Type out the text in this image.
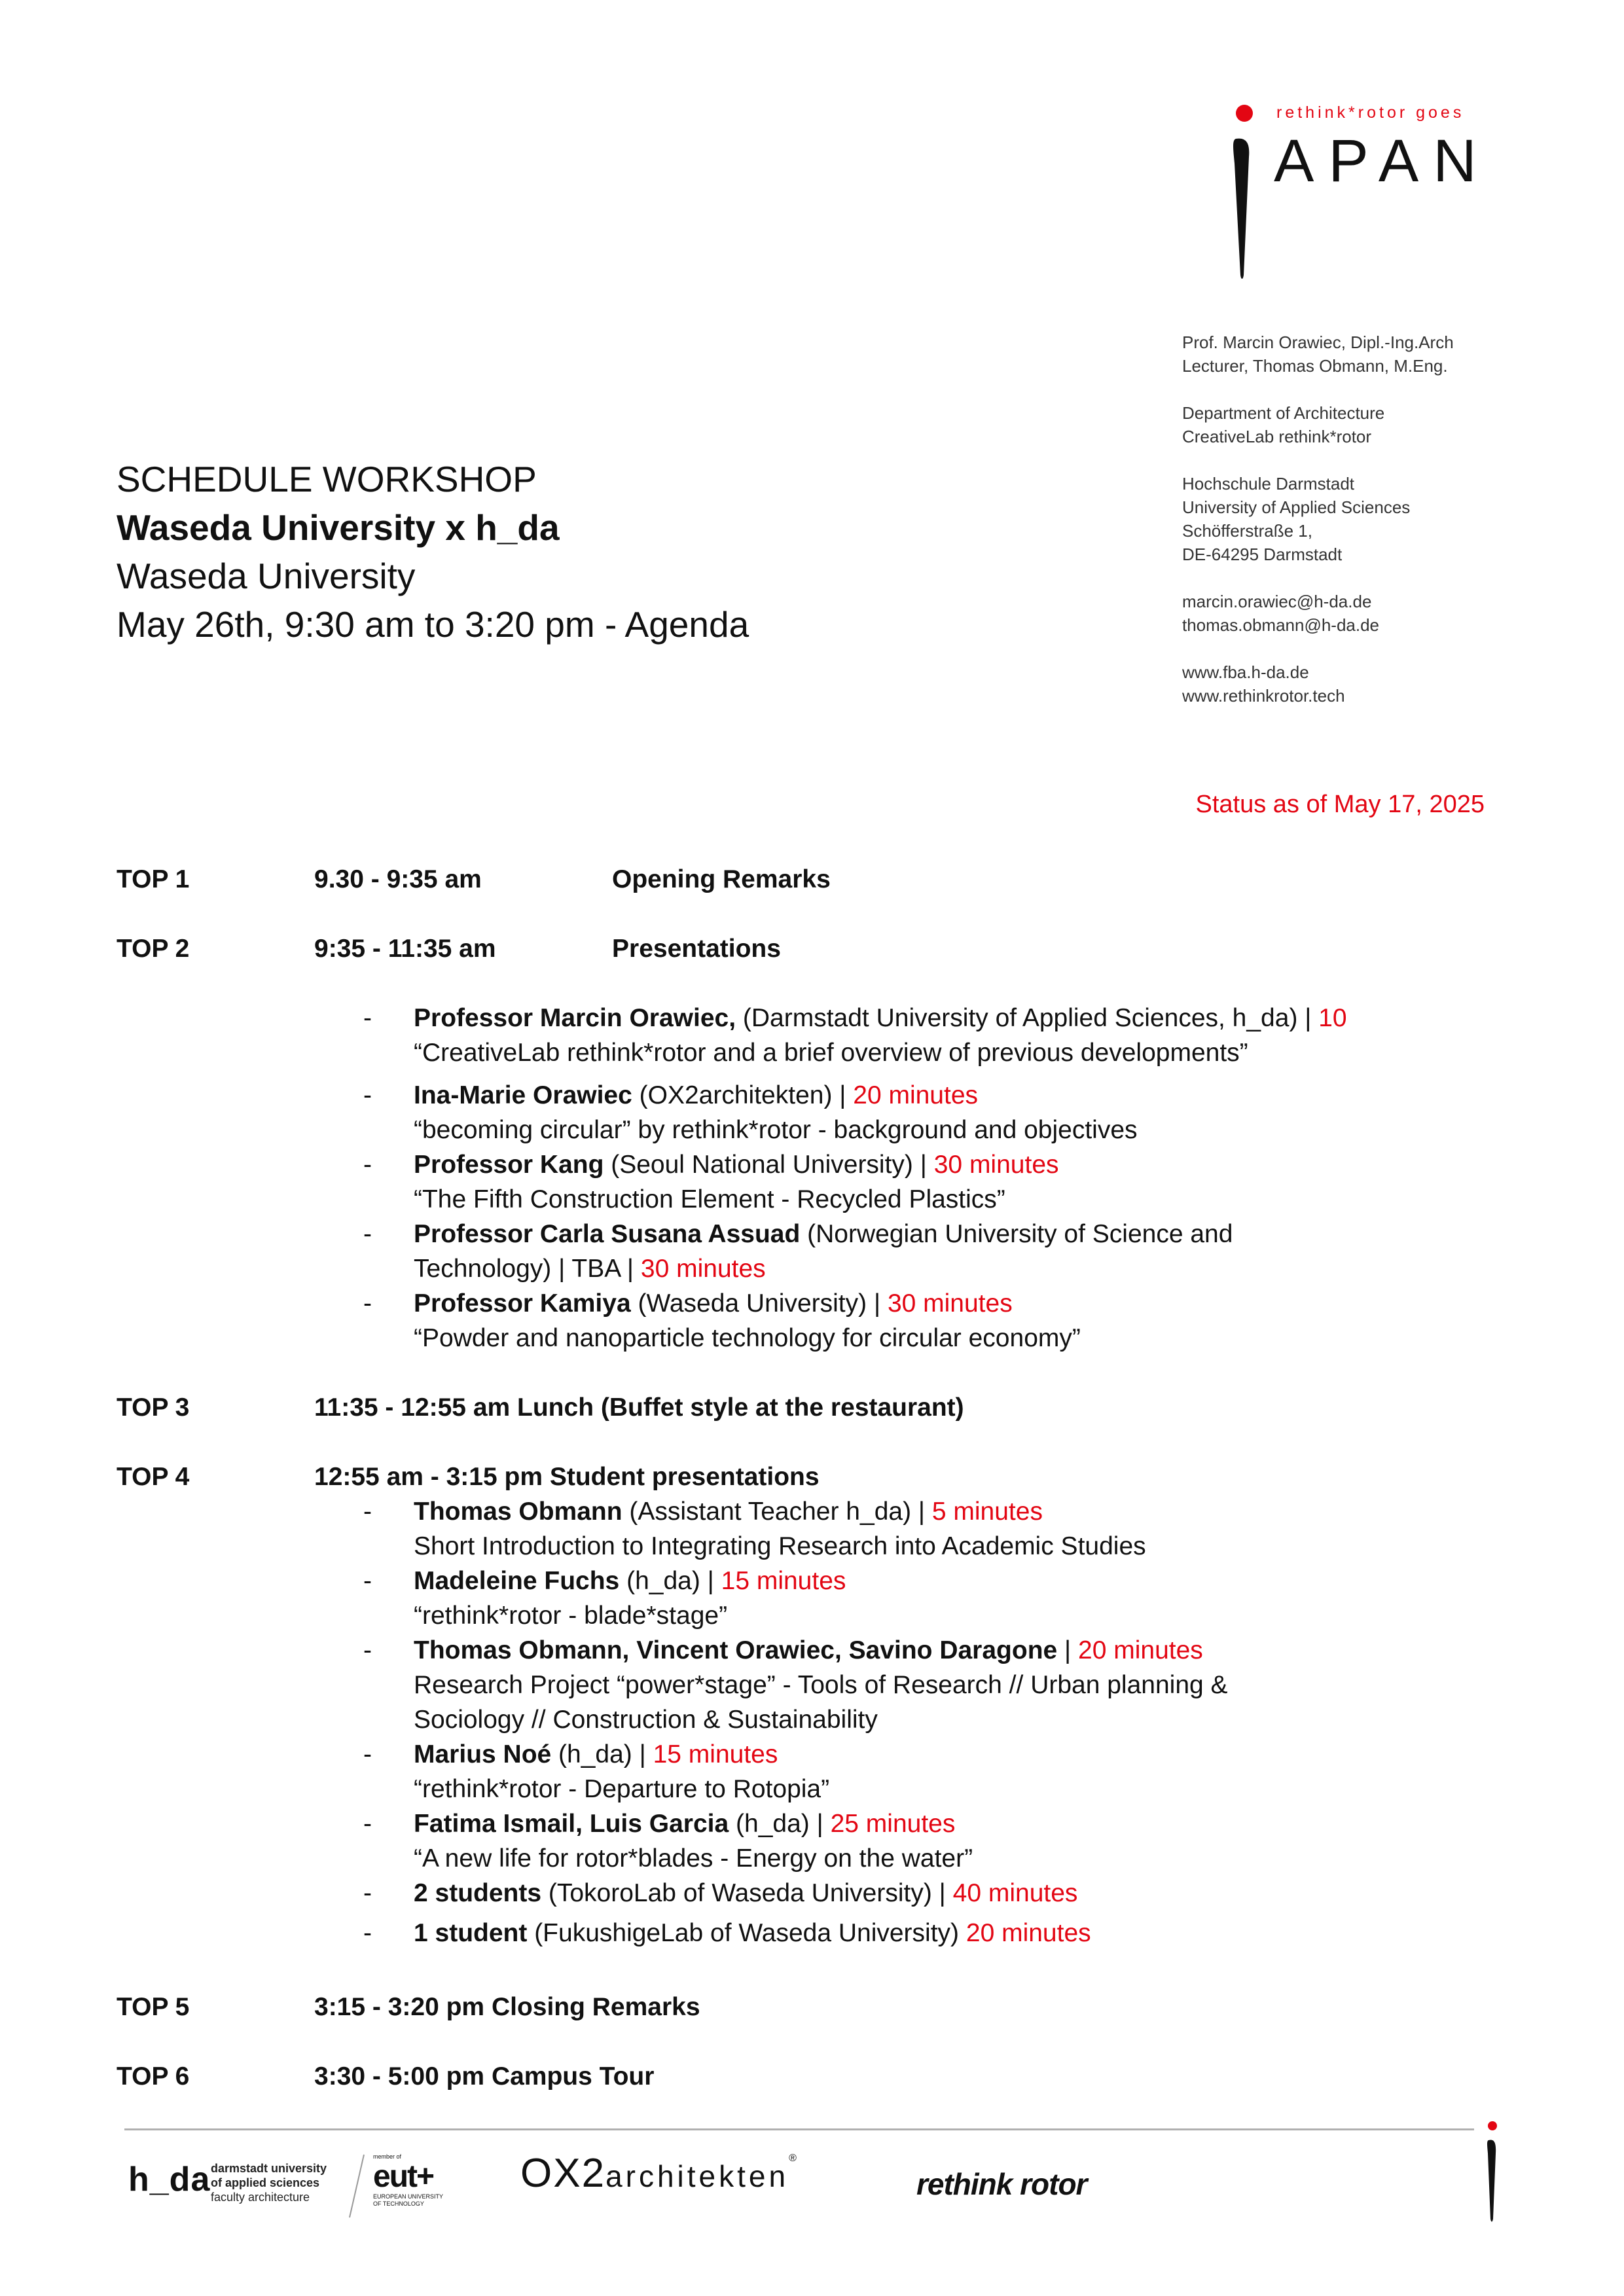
rethink*rotor goes
APAN
Prof. Marcin Orawiec, Dipl.-Ing.Arch
Lecturer, Thomas Obmann, M.Eng.
Department of Architecture
CreativeLab rethink*rotor
Hochschule Darmstadt
University of Applied Sciences
Schöfferstraße 1,
DE-64295 Darmstadt
marcin.orawiec@h-da.de
thomas.obmann@h-da.de
www.fba.h-da.de
www.rethinkrotor.tech
SCHEDULE WORKSHOP
Waseda University x h_da
Waseda University
May 26th, 9:30 am to 3:20 pm - Agenda
Status as of May 17, 2025
TOP 1	9.30 - 9:35 am	Opening Remarks
TOP 2	9:35 - 11:35 am	Presentations
- Professor Marcin Orawiec, (Darmstadt University of Applied Sciences, h_da) | 10
“CreativeLab rethink*rotor and a brief overview of previous developments”
- Ina-Marie Orawiec (OX2architekten) | 20 minutes
“becoming circular” by rethink*rotor - background and objectives
- Professor Kang (Seoul National University) | 30 minutes
“The Fifth Construction Element - Recycled Plastics”
- Professor Carla Susana Assuad (Norwegian University of Science and
Technology) | TBA | 30 minutes
- Professor Kamiya (Waseda University) | 30 minutes
“Powder and nanoparticle technology for circular economy”
TOP 3	11:35 - 12:55 am Lunch (Buffet style at the restaurant)
TOP 4	12:55 am - 3:15 pm Student presentations
- Thomas Obmann (Assistant Teacher h_da) | 5 minutes
Short Introduction to Integrating Research into Academic Studies
- Madeleine Fuchs (h_da) | 15 minutes
“rethink*rotor - blade*stage”
- Thomas Obmann, Vincent Orawiec, Savino Daragone | 20 minutes
Research Project “power*stage” - Tools of Research // Urban planning &
Sociology // Construction & Sustainability
- Marius Noé (h_da) | 15 minutes
“rethink*rotor - Departure to Rotopia”
- Fatima Ismail, Luis Garcia (h_da) | 25 minutes
“A new life for rotor*blades - Energy on the water”
- 2 students (TokoroLab of Waseda University) | 40 minutes
- 1 student (FukushigeLab of Waseda University) 20 minutes
TOP 5	3:15 - 3:20 pm Closing Remarks
TOP 6	3:30 - 5:00 pm Campus Tour
h_da darmstadt university
of applied sciences
faculty architecture
member of
eut+
EUROPEAN UNIVERSITY
OF TECHNOLOGY
OX2architekten®
rethink rotor
